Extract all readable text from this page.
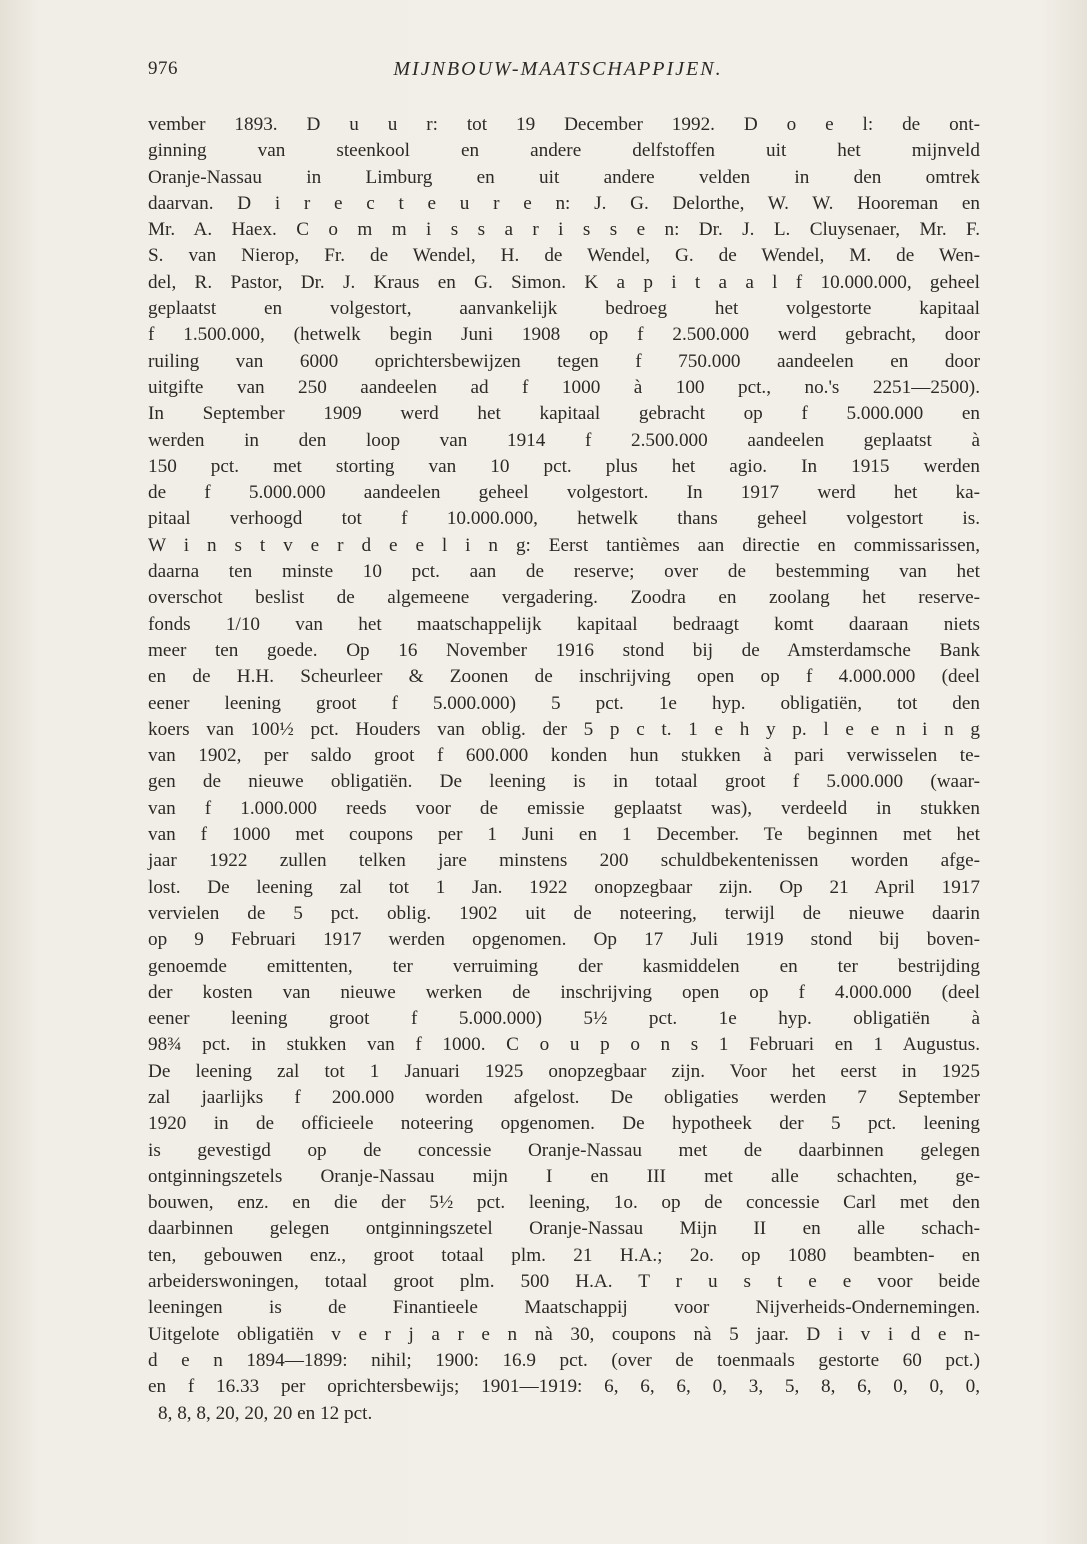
976	MIJNBOUW-MAATSCHAPPIJEN.
vember 1893. D u u r: tot 19 December 1992. D o e l: de ont-
ginning van steenkool en andere delfstoffen uit het mijnveld
Oranje-Nassau in Limburg en uit andere velden in den omtrek
daarvan. D i r e c t e u r e n: J. G. Delorthe, W. W. Hooreman en
Mr. A. Haex. C o m m i s s a r i s s e n: Dr. J. L. Cluysenaer, Mr. F.
S. van Nierop, Fr. de Wendel, H. de Wendel, G. de Wendel, M. de Wen-
del, R. Pastor, Dr. J. Kraus en G. Simon. K a p i t a a l f 10.000.000, geheel
geplaatst en volgestort, aanvankelijk bedroeg het volgestorte kapitaal
f 1.500.000, (hetwelk begin Juni 1908 op f 2.500.000 werd gebracht, door
ruiling van 6000 oprichtersbewijzen tegen f 750.000 aandeelen en door
uitgifte van 250 aandeelen ad f 1000 à 100 pct., no.'s 2251—2500).
In September 1909 werd het kapitaal gebracht op f 5.000.000 en
werden in den loop van 1914 f 2.500.000 aandeelen geplaatst à
150 pct. met storting van 10 pct. plus het agio. In 1915 werden
de f 5.000.000 aandeelen geheel volgestort. In 1917 werd het ka-
pitaal verhoogd tot f 10.000.000, hetwelk thans geheel volgestort is.
W i n s t v e r d e e l i n g: Eerst tantièmes aan directie en commissarissen,
daarna ten minste 10 pct. aan de reserve; over de bestemming van het
overschot beslist de algemeene vergadering. Zoodra en zoolang het reserve-
fonds 1/10 van het maatschappelijk kapitaal bedraagt komt daaraan niets
meer ten goede. Op 16 November 1916 stond bij de Amsterdamsche Bank
en de H.H. Scheurleer & Zoonen de inschrijving open op f 4.000.000 (deel
eener leening groot f 5.000.000) 5 pct. 1e hyp. obligatiën, tot den
koers van 100½ pct. Houders van oblig. der 5 p c t. 1 e h y p. l e e n i n g
van 1902, per saldo groot f 600.000 konden hun stukken à pari verwisselen te-
gen de nieuwe obligatiën. De leening is in totaal groot f 5.000.000 (waar-
van f 1.000.000 reeds voor de emissie geplaatst was), verdeeld in stukken
van f 1000 met coupons per 1 Juni en 1 December. Te beginnen met het
jaar 1922 zullen telken jare minstens 200 schuldbekentenissen worden afge-
lost. De leening zal tot 1 Jan. 1922 onopzegbaar zijn. Op 21 April 1917
vervielen de 5 pct. oblig. 1902 uit de noteering, terwijl de nieuwe daarin
op 9 Februari 1917 werden opgenomen. Op 17 Juli 1919 stond bij boven-
genoemde emittenten, ter verruiming der kasmiddelen en ter bestrijding
der kosten van nieuwe werken de inschrijving open op f 4.000.000 (deel
eener leening groot f 5.000.000) 5½ pct. 1e hyp. obligatiën à
98¾ pct. in stukken van f 1000. C o u p o n s 1 Februari en 1 Augustus.
De leening zal tot 1 Januari 1925 onopzegbaar zijn. Voor het eerst in 1925
zal jaarlijks f 200.000 worden afgelost. De obligaties werden 7 September
1920 in de officieele noteering opgenomen. De hypotheek der 5 pct. leening
is gevestigd op de concessie Oranje-Nassau met de daarbinnen gelegen
ontginningszetels Oranje-Nassau mijn I en III met alle schachten, ge-
bouwen, enz. en die der 5½ pct. leening, 1o. op de concessie Carl met den
daarbinnen gelegen ontginningszetel Oranje-Nassau Mijn II en alle schach-
ten, gebouwen enz., groot totaal plm. 21 H.A.; 2o. op 1080 beambten- en
arbeiderswoningen, totaal groot plm. 500 H.A. T r u s t e e voor beide
leeningen is de Finantieele Maatschappij voor Nijverheids-Ondernemingen.
Uitgelote obligatiën v e r j a r e n nà 30, coupons nà 5 jaar. D i v i d e n-
d e n 1894—1899: nihil; 1900: 16.9 pct. (over de toenmaals gestorte 60 pct.)
en f 16.33 per oprichtersbewijs; 1901—1919: 6, 6, 6, 0, 3, 5, 8, 6, 0, 0, 0,
8, 8, 8, 20, 20, 20 en 12 pct.
